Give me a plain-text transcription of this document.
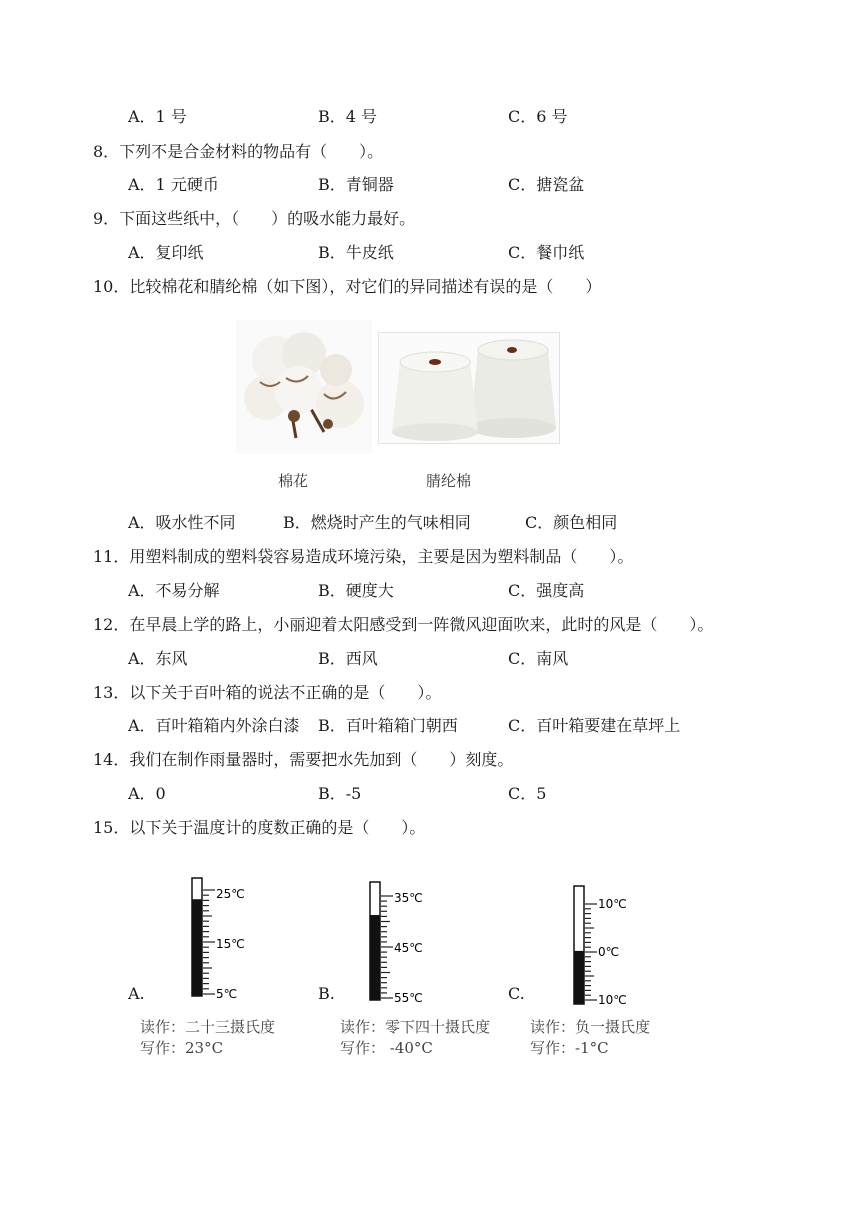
A．1 号	B．4 号	C．6 号
8．下列不是合金材料的物品有（　　）。
A．1 元硬币	B．青铜器	C．搪瓷盆
9．下面这些纸中，（　　）的吸水能力最好。
A．复印纸	B．牛皮纸	C．餐巾纸
10．比较棉花和腈纶棉（如下图），对它们的异同描述有误的是（　　）
棉花	腈纶棉
A．吸水性不同	B．燃烧时产生的气味相同	C．颜色相同
11．用塑料制成的塑料袋容易造成环境污染，主要是因为塑料制品（　　）。
A．不易分解	B．硬度大	C．强度高
12．在早晨上学的路上，小丽迎着太阳感受到一阵微风迎面吹来，此时的风是（　　）。
A．东风	B．西风	C．南风
13．以下关于百叶箱的说法不正确的是（　　）。
A．百叶箱箱内外涂白漆 B．百叶箱箱门朝西	C．百叶箱要建在草坪上
14．我们在制作雨量器时，需要把水先加到（　　）刻度。
A．0	B．-5	C．5
15．以下关于温度计的度数正确的是（　　）。
A.
25℃
15℃
5℃
读作：二十三摄氏度
写作：23°C
B.
35℃
45℃
55℃
读作：零下四十摄氏度
写作： -40°C
C.
10℃
0℃
10℃
读作：负一摄氏度
写作：-1°C
